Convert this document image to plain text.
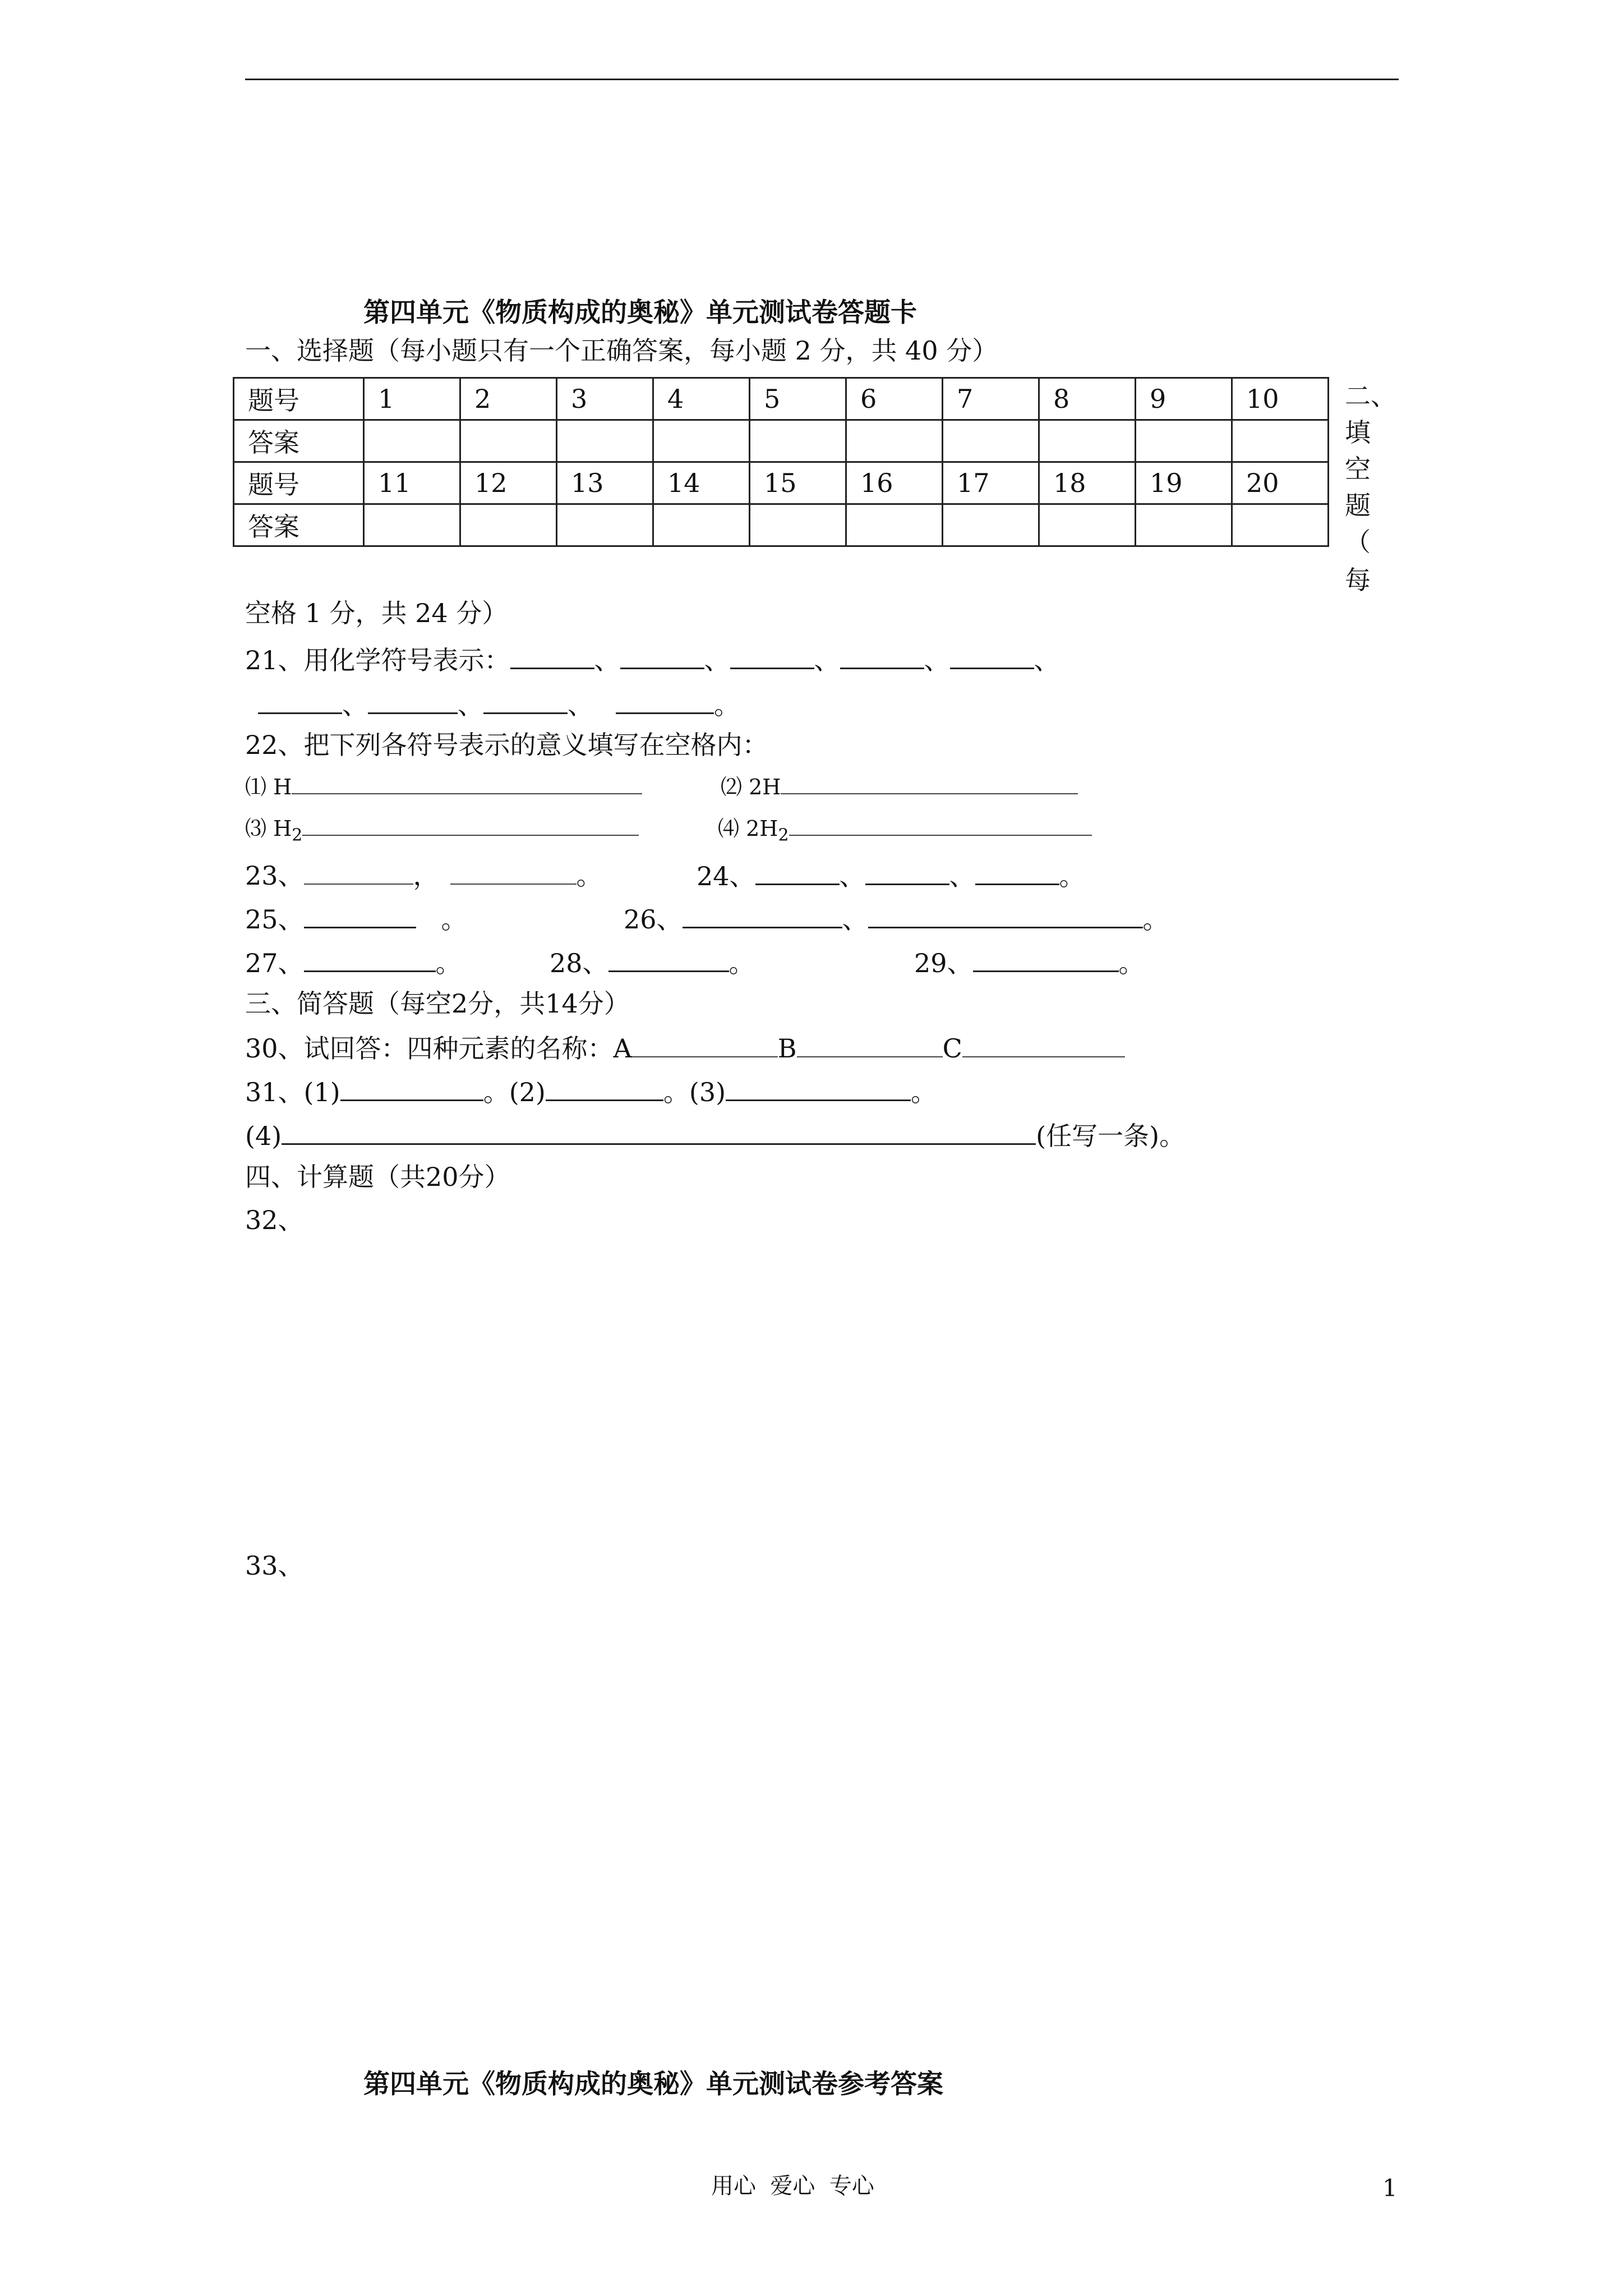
第四单元《物质构成的奥秘》单元测试卷答题卡
一、选择题（每小题只有一个正确答案，每小题 2 分，共 40 分）
题号	1	2	3	4	5	6	7	8	9	10
答案										
题号	11	12	13	14	15	16	17	18	19	20
答案										
二、
填
空
题
（
每
空格 1 分，共 24 分）
21、用化学符号表示：	、	、	、	、	、
、	、	、	。
22、把下列各符号表示的意义填写在空格内：
⑴ H	⑵ 2H
⑶ $H_2$	⑷ $2H_2$
23、	，	。	24、	、	、	。
25、	。	26、	、	。
27、	。	28、	。	29、	。
三、简答题（每空2分，共14分）
30、试回答：四种元素的名称：A	B	C
31、(1)	。(2)	。(3)	。
(4)	(任写一条)。
四、计算题（共20分）
32、
33、
第四单元《物质构成的奥秘》单元测试卷参考答案
用心  爱心  专心	1
